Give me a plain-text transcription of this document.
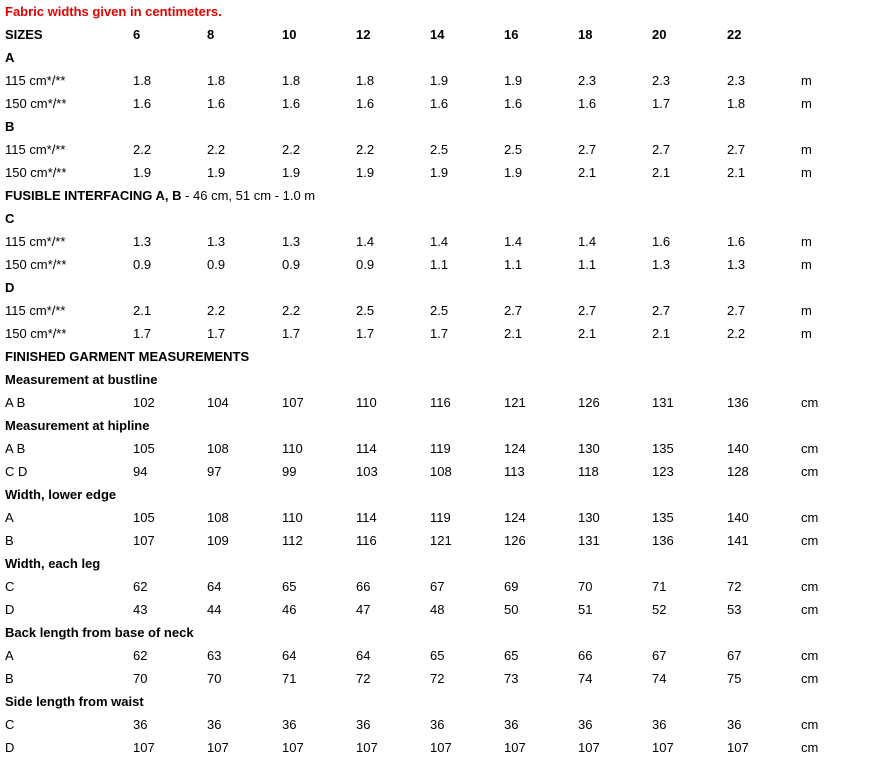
Fabric widths given in centimeters.
SIZES	6	8	10	12	14	16	18	20	22
A
115 cm*/**	1.8	1.8	1.8	1.8	1.9	1.9	2.3	2.3	2.3	m
150 cm*/**	1.6	1.6	1.6	1.6	1.6	1.6	1.6	1.7	1.8	m
B
115 cm*/**	2.2	2.2	2.2	2.2	2.5	2.5	2.7	2.7	2.7	m
150 cm*/**	1.9	1.9	1.9	1.9	1.9	1.9	2.1	2.1	2.1	m
FUSIBLE INTERFACING A, B - 46 cm, 51 cm - 1.0 m
C
115 cm*/**	1.3	1.3	1.3	1.4	1.4	1.4	1.4	1.6	1.6	m
150 cm*/**	0.9	0.9	0.9	0.9	1.1	1.1	1.1	1.3	1.3	m
D
115 cm*/**	2.1	2.2	2.2	2.5	2.5	2.7	2.7	2.7	2.7	m
150 cm*/**	1.7	1.7	1.7	1.7	1.7	2.1	2.1	2.1	2.2	m
FINISHED GARMENT MEASUREMENTS
Measurement at bustline
A B	102	104	107	110	116	121	126	131	136	cm
Measurement at hipline
A B	105	108	110	114	119	124	130	135	140	cm
C D	94	97	99	103	108	113	118	123	128	cm
Width, lower edge
A	105	108	110	114	119	124	130	135	140	cm
B	107	109	112	116	121	126	131	136	141	cm
Width, each leg
C	62	64	65	66	67	69	70	71	72	cm
D	43	44	46	47	48	50	51	52	53	cm
Back length from base of neck
A	62	63	64	64	65	65	66	67	67	cm
B	70	70	71	72	72	73	74	74	75	cm
Side length from waist
C	36	36	36	36	36	36	36	36	36	cm
D	107	107	107	107	107	107	107	107	107	cm
